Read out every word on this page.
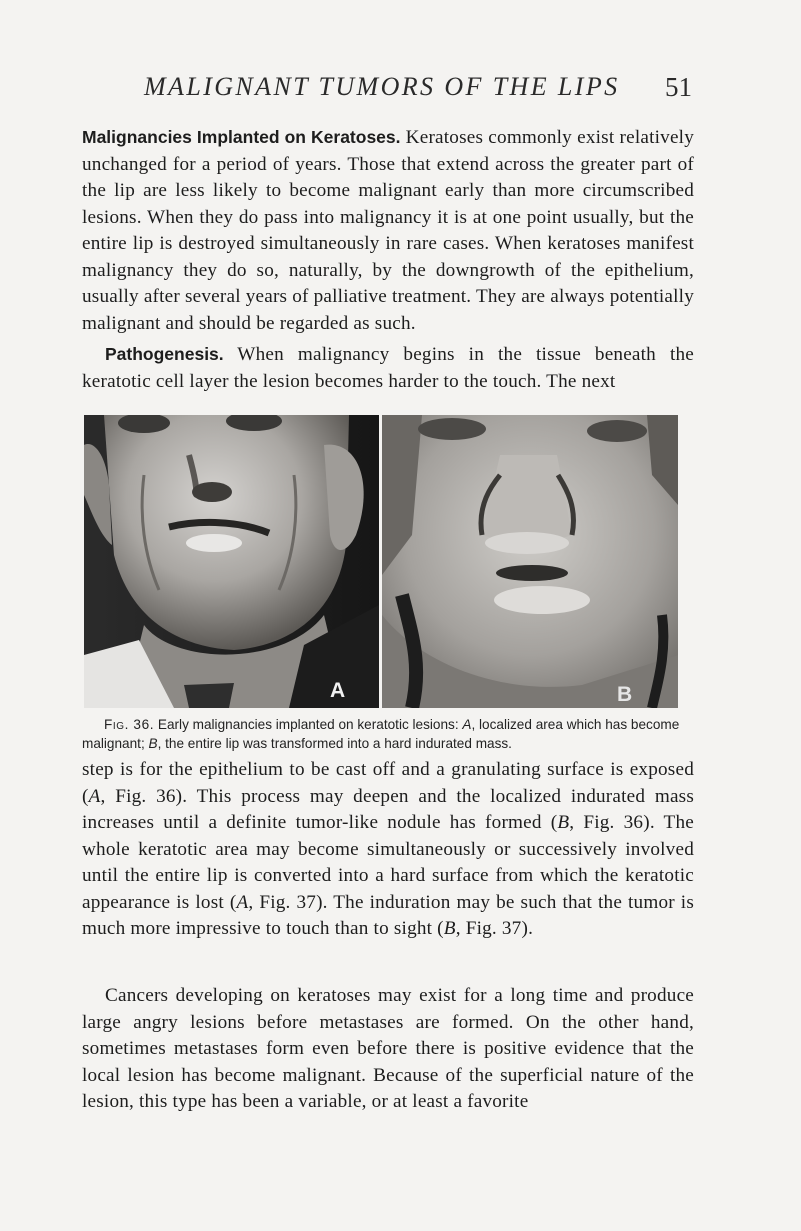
MALIGNANT TUMORS OF THE LIPS 51

Malignancies Implanted on Keratoses. Keratoses commonly exist relatively unchanged for a period of years. Those that extend across the greater part of the lip are less likely to become malignant early than more circumscribed lesions. When they do pass into malignancy it is at one point usually, but the entire lip is destroyed simultaneously in rare cases. When keratoses manifest malignancy they do so, naturally, by the downgrowth of the epithelium, usually after several years of palliative treatment. They are always potentially malignant and should be regarded as such.

Pathogenesis. When malignancy begins in the tissue beneath the keratotic cell layer the lesion becomes harder to the touch. The next

A	B

Fig. 36. Early malignancies implanted on keratotic lesions: A, localized area which has become malignant; B, the entire lip was transformed into a hard indurated mass.

step is for the epithelium to be cast off and a granulating surface is exposed (A, Fig. 36). This process may deepen and the localized indurated mass increases until a definite tumor-like nodule has formed (B, Fig. 36). The whole keratotic area may become simultaneously or successively involved until the entire lip is converted into a hard surface from which the keratotic appearance is lost (A, Fig. 37). The induration may be such that the tumor is much more impressive to touch than to sight (B, Fig. 37).

Cancers developing on keratoses may exist for a long time and produce large angry lesions before metastases are formed. On the other hand, sometimes metastases form even before there is positive evidence that the local lesion has become malignant. Because of the superficial nature of the lesion, this type has been a variable, or at least a favorite
